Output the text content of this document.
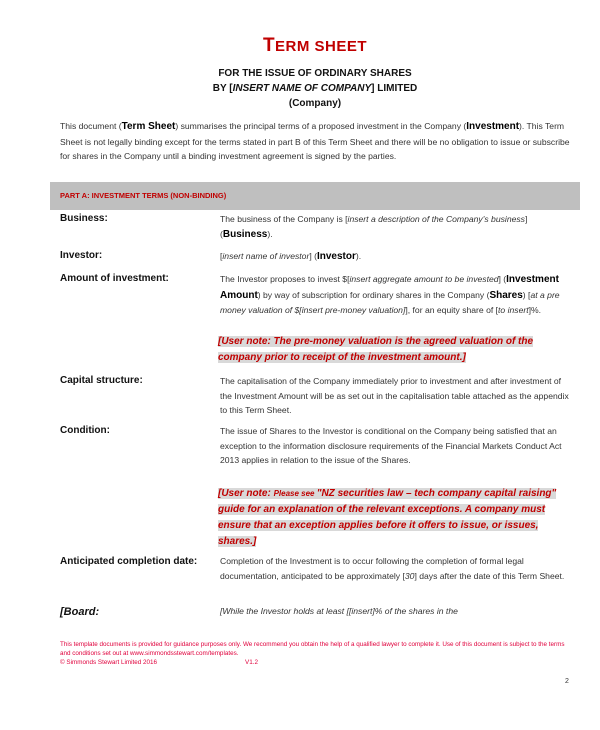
TERM SHEET
FOR THE ISSUE OF ORDINARY SHARES
BY [INSERT NAME OF COMPANY] LIMITED
(Company)
This document (Term Sheet) summarises the principal terms of a proposed investment in the Company (Investment). This Term Sheet is not legally binding except for the terms stated in part B of this Term Sheet and there will be no obligation to issue or subscribe for shares in the Company until a binding investment agreement is signed by the parties.
PART A: INVESTMENT TERMS (NON-BINDING)
Business:	The business of the Company is [insert a description of the Company's business] (Business).
Investor:	[insert name of investor] (Investor).
Amount of investment:	The Investor proposes to invest $[insert aggregate amount to be invested] (Investment Amount) by way of subscription for ordinary shares in the Company (Shares) [at a pre money valuation of $[insert pre-money valuation]], for an equity share of [to insert]%.
[User note: The pre-money valuation is the agreed valuation of the company prior to receipt of the investment amount.]
Capital structure:	The capitalisation of the Company immediately prior to investment and after investment of the Investment Amount will be as set out in the capitalisation table attached as the appendix to this Term Sheet.
Condition:	The issue of Shares to the Investor is conditional on the Company being satisfied that an exception to the information disclosure requirements of the Financial Markets Conduct Act 2013 applies in relation to the issue of the Shares.
[User note: Please see "NZ securities law – tech company capital raising" guide for an explanation of the relevant exceptions. A company must ensure that an exception applies before it offers to issue, or issues, shares.]
Anticipated completion date:	Completion of the Investment is to occur following the completion of formal legal documentation, anticipated to be approximately [30] days after the date of this Term Sheet.
[Board:	[While the Investor holds at least [[insert]% of the shares in the
This template documents is provided for guidance purposes only. We recommend you obtain the help of a qualified lawyer to complete it. Use of this document is subject to the terms and conditions set out at www.simmondsstewart.com/templates.
© Simmonds Stewart Limited 2016	V1.2
2
